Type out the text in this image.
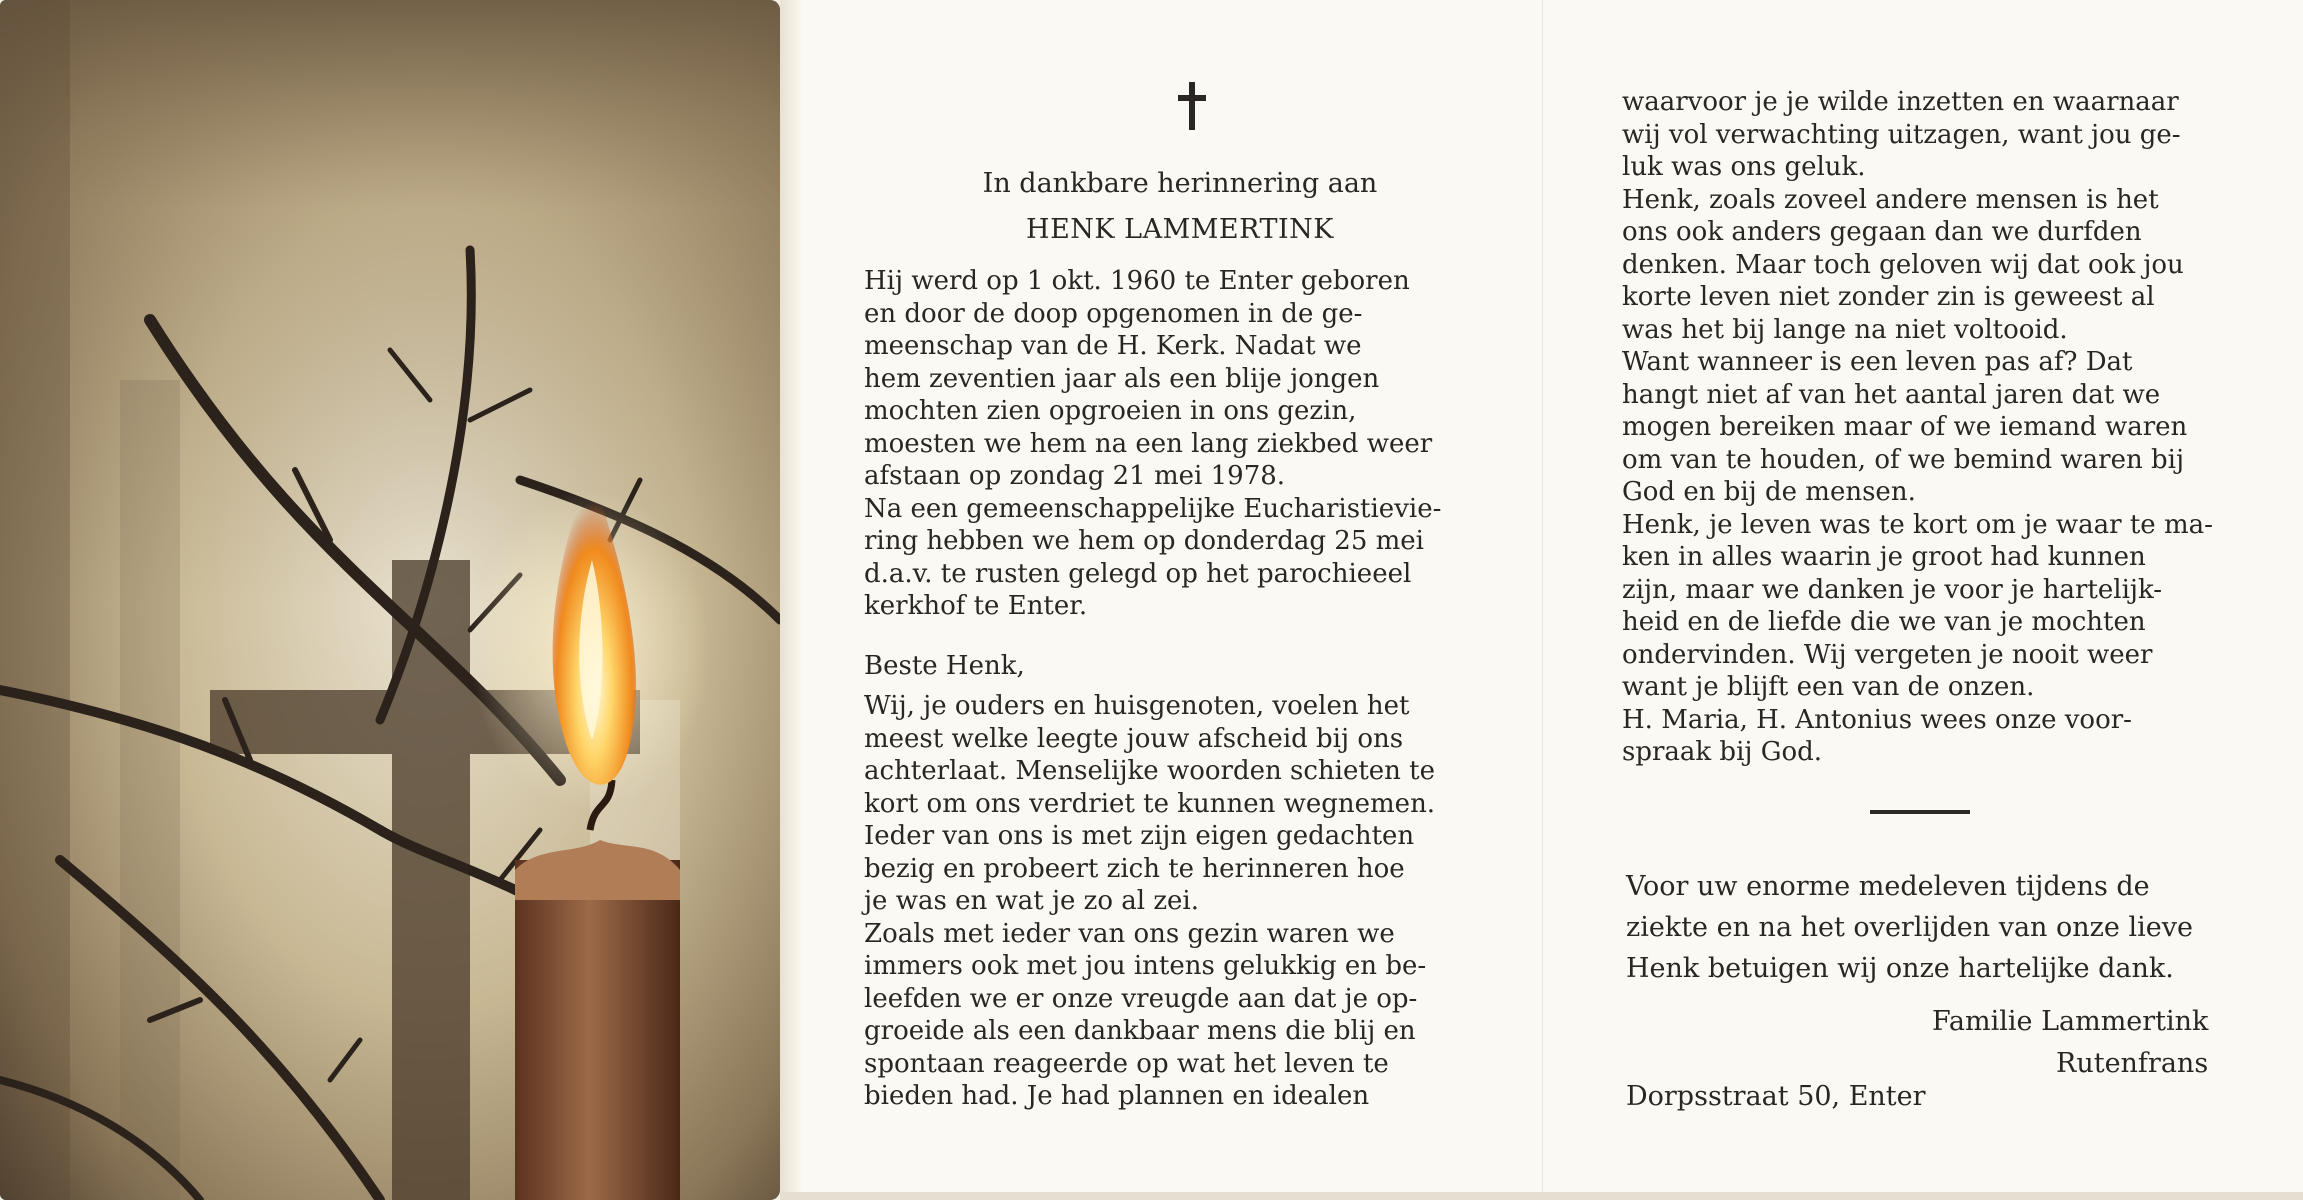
In dankbare herinnering aan
HENK LAMMERTINK

Hij werd op 1 okt. 1960 te Enter geboren

en door de doop opgenomen in de ge-

meenschap van de H. Kerk. Nadat we

hem zeventien jaar als een blije jongen

mochten zien opgroeien in ons gezin,

moesten we hem na een lang ziekbed weer

afstaan op zondag 21 mei 1978.

Na een gemeenschappelijke Eucharistievie-

ring hebben we hem op donderdag 25 mei

d.a.v. te rusten gelegd op het parochieeel

kerkhof te Enter.

Beste Henk,

Wij, je ouders en huisgenoten, voelen het

meest welke leegte jouw afscheid bij ons

achterlaat. Menselijke woorden schieten te

kort om ons verdriet te kunnen wegnemen.

Ieder van ons is met zijn eigen gedachten

bezig en probeert zich te herinneren hoe

je was en wat je zo al zei.

Zoals met ieder van ons gezin waren we

immers ook met jou intens gelukkig en be-

leefden we er onze vreugde aan dat je op-

groeide als een dankbaar mens die blij en

spontaan reageerde op wat het leven te

bieden had. Je had plannen en idealen

waarvoor je je wilde inzetten en waarnaar

wij vol verwachting uitzagen, want jou ge-

luk was ons geluk.

Henk, zoals zoveel andere mensen is het

ons ook anders gegaan dan we durfden

denken. Maar toch geloven wij dat ook jou

korte leven niet zonder zin is geweest al

was het bij lange na niet voltooid.

Want wanneer is een leven pas af? Dat

hangt niet af van het aantal jaren dat we

mogen bereiken maar of we iemand waren

om van te houden, of we bemind waren bij

God en bij de mensen.

Henk, je leven was te kort om je waar te ma-

ken in alles waarin je groot had kunnen

zijn, maar we danken je voor je hartelijk-

heid en de liefde die we van je mochten

ondervinden. Wij vergeten je nooit weer

want je blijft een van de onzen.

H. Maria, H. Antonius wees onze voor-

spraak bij God.

Voor uw enorme medeleven tijdens de

ziekte en na het overlijden van onze lieve

Henk betuigen wij onze hartelijke dank.

Familie Lammertink
Rutenfrans
Dorpsstraat 50, Enter
